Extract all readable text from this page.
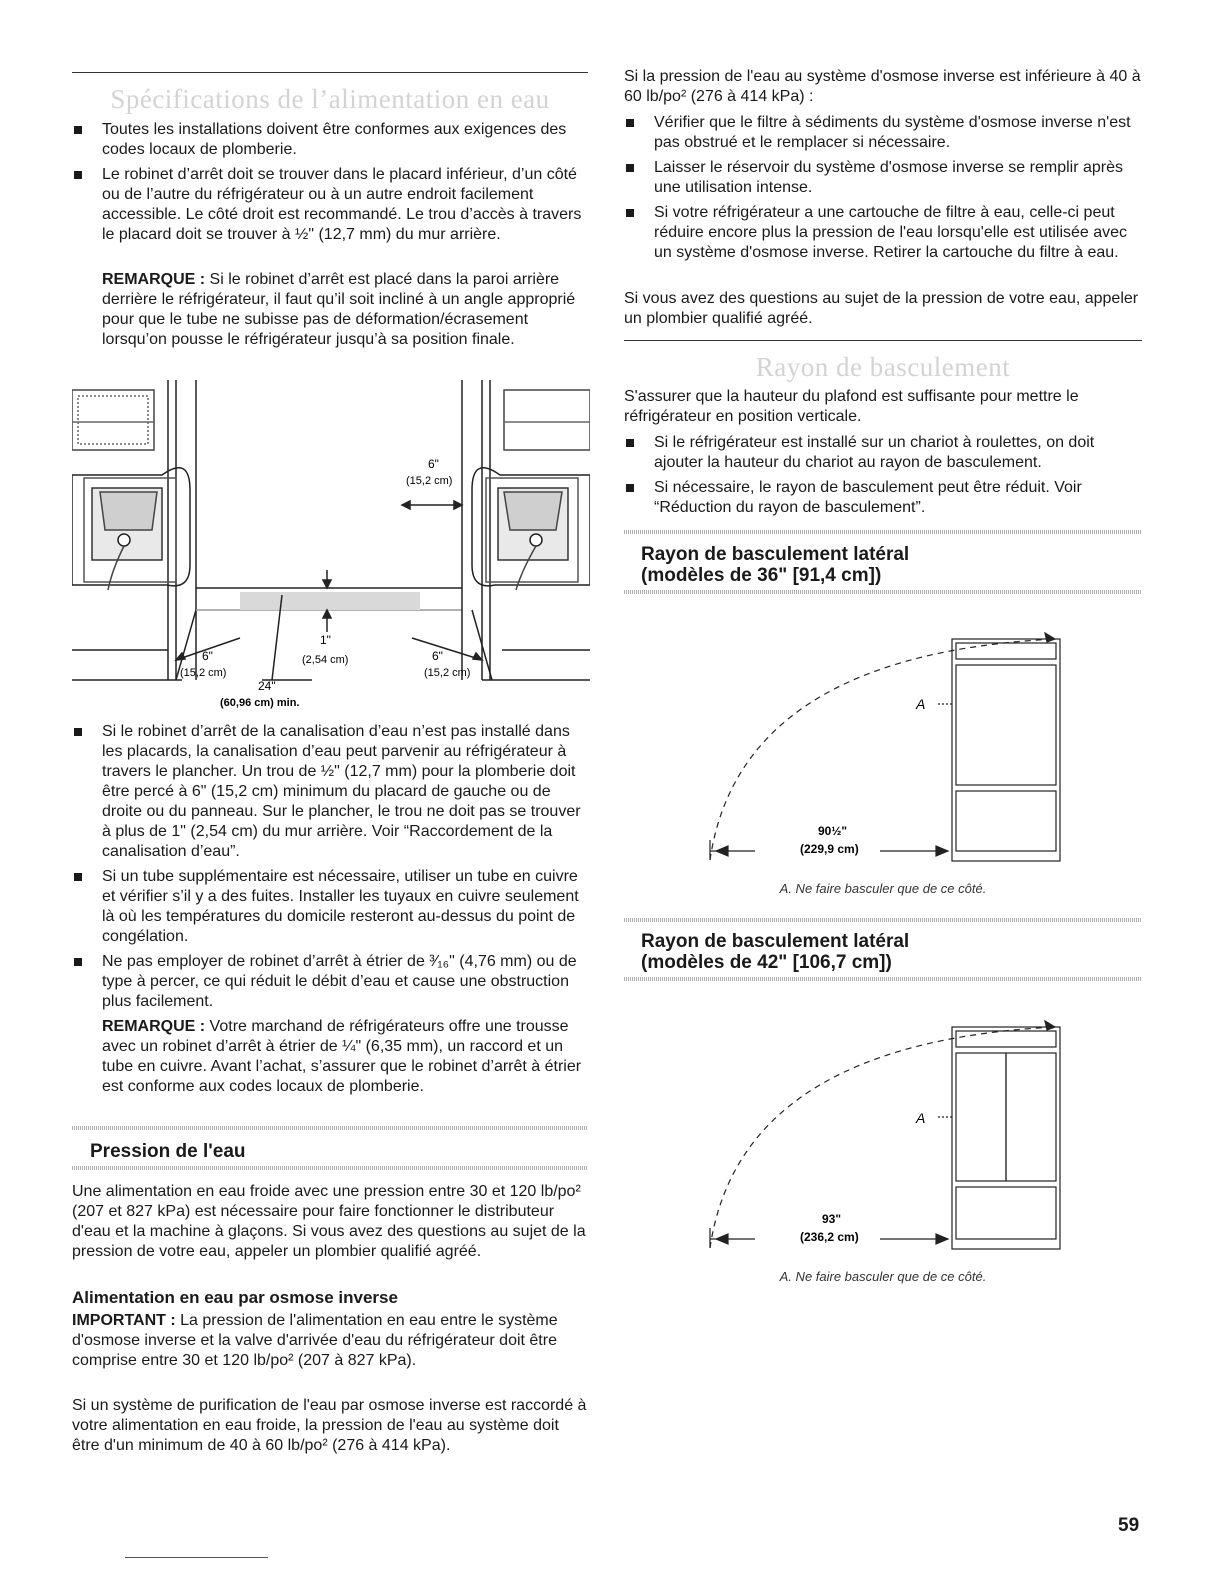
Spécifications de l’alimentation en eau
Toutes les installations doivent être conformes aux exigences des codes locaux de plomberie.
Le robinet d’arrêt doit se trouver dans le placard inférieur, d’un côté ou de l’autre du réfrigérateur ou à un autre endroit facilement accessible. Le côté droit est recommandé. Le trou d’accès à travers le placard doit se trouver à ½" (12,7 mm) du mur arrière.

REMARQUE : Si le robinet d’arrêt est placé dans la paroi arrière derrière le réfrigérateur, il faut qu’il soit incliné à un angle approprié pour que le tube ne subisse pas de déformation/écrasement lorsqu’on pousse le réfrigérateur jusqu’à sa position finale.

6"
(15,2 cm)
1"
(2,54 cm)
6"
(15,2 cm)
24"
(60,96 cm) min.
6"
(15,2 cm)
Si le robinet d’arrêt de la canalisation d’eau n’est pas installé dans les placards, la canalisation d’eau peut parvenir au réfrigérateur à travers le plancher. Un trou de ½" (12,7 mm) pour la plomberie doit être percé à 6" (15,2 cm) minimum du placard de gauche ou de droite ou du panneau. Sur le plancher, le trou ne doit pas se trouver à plus de 1" (2,54 cm) du mur arrière. Voir “Raccordement de la canalisation d’eau”.
Si un tube supplémentaire est nécessaire, utiliser un tube en cuivre et vérifier s’il y a des fuites. Installer les tuyaux en cuivre seulement là où les températures du domicile resteront au-dessus du point de congélation.
Ne pas employer de robinet d’arrêt à étrier de ³⁄₁₆" (4,76 mm) ou de type à percer, ce qui réduit le débit d’eau et cause une obstruction plus facilement.

REMARQUE : Votre marchand de réfrigérateurs offre une trousse avec un robinet d’arrêt à étrier de ¼" (6,35 mm), un raccord et un tube en cuivre. Avant l’achat, s’assurer que le robinet d’arrêt à étrier est conforme aux codes locaux de plomberie.

Pression de l'eau

Une alimentation en eau froide avec une pression entre 30 et 120 lb/po² (207 et 827 kPa) est nécessaire pour faire fonctionner le distributeur d'eau et la machine à glaçons. Si vous avez des questions au sujet de la pression de votre eau, appeler un plombier qualifié agréé.

Alimentation en eau par osmose inverse

IMPORTANT : La pression de l'alimentation en eau entre le système d'osmose inverse et la valve d'arrivée d'eau du réfrigérateur doit être comprise entre 30 et 120 lb/po² (207 à 827 kPa).

Si un système de purification de l'eau par osmose inverse est raccordé à votre alimentation en eau froide, la pression de l'eau au système doit être d'un minimum de 40 à 60 lb/po² (276 à 414 kPa).

Si la pression de l'eau au système d'osmose inverse est inférieure à 40 à 60 lb/po² (276 à 414 kPa) :

Vérifier que le filtre à sédiments du système d'osmose inverse n'est pas obstrué et le remplacer si nécessaire.
Laisser le réservoir du système d'osmose inverse se remplir après une utilisation intense.
Si votre réfrigérateur a une cartouche de filtre à eau, celle-ci peut réduire encore plus la pression de l'eau lorsqu'elle est utilisée avec un système d'osmose inverse. Retirer la cartouche du filtre à eau.

Si vous avez des questions au sujet de la pression de votre eau, appeler un plombier qualifié agréé.

Rayon de basculement

S'assurer que la hauteur du plafond est suffisante pour mettre le réfrigérateur en position verticale.

Si le réfrigérateur est installé sur un chariot à roulettes, on doit ajouter la hauteur du chariot au rayon de basculement.
Si nécessaire, le rayon de basculement peut être réduit. Voir “Réduction du rayon de basculement”.
Rayon de basculement latéral
(modèles de 36" [91,4 cm])
A
90½"
(229,9 cm)
A. Ne faire basculer que de ce côté.
Rayon de basculement latéral
(modèles de 42" [106,7 cm])
A
93"
(236,2 cm)
A. Ne faire basculer que de ce côté.
59
